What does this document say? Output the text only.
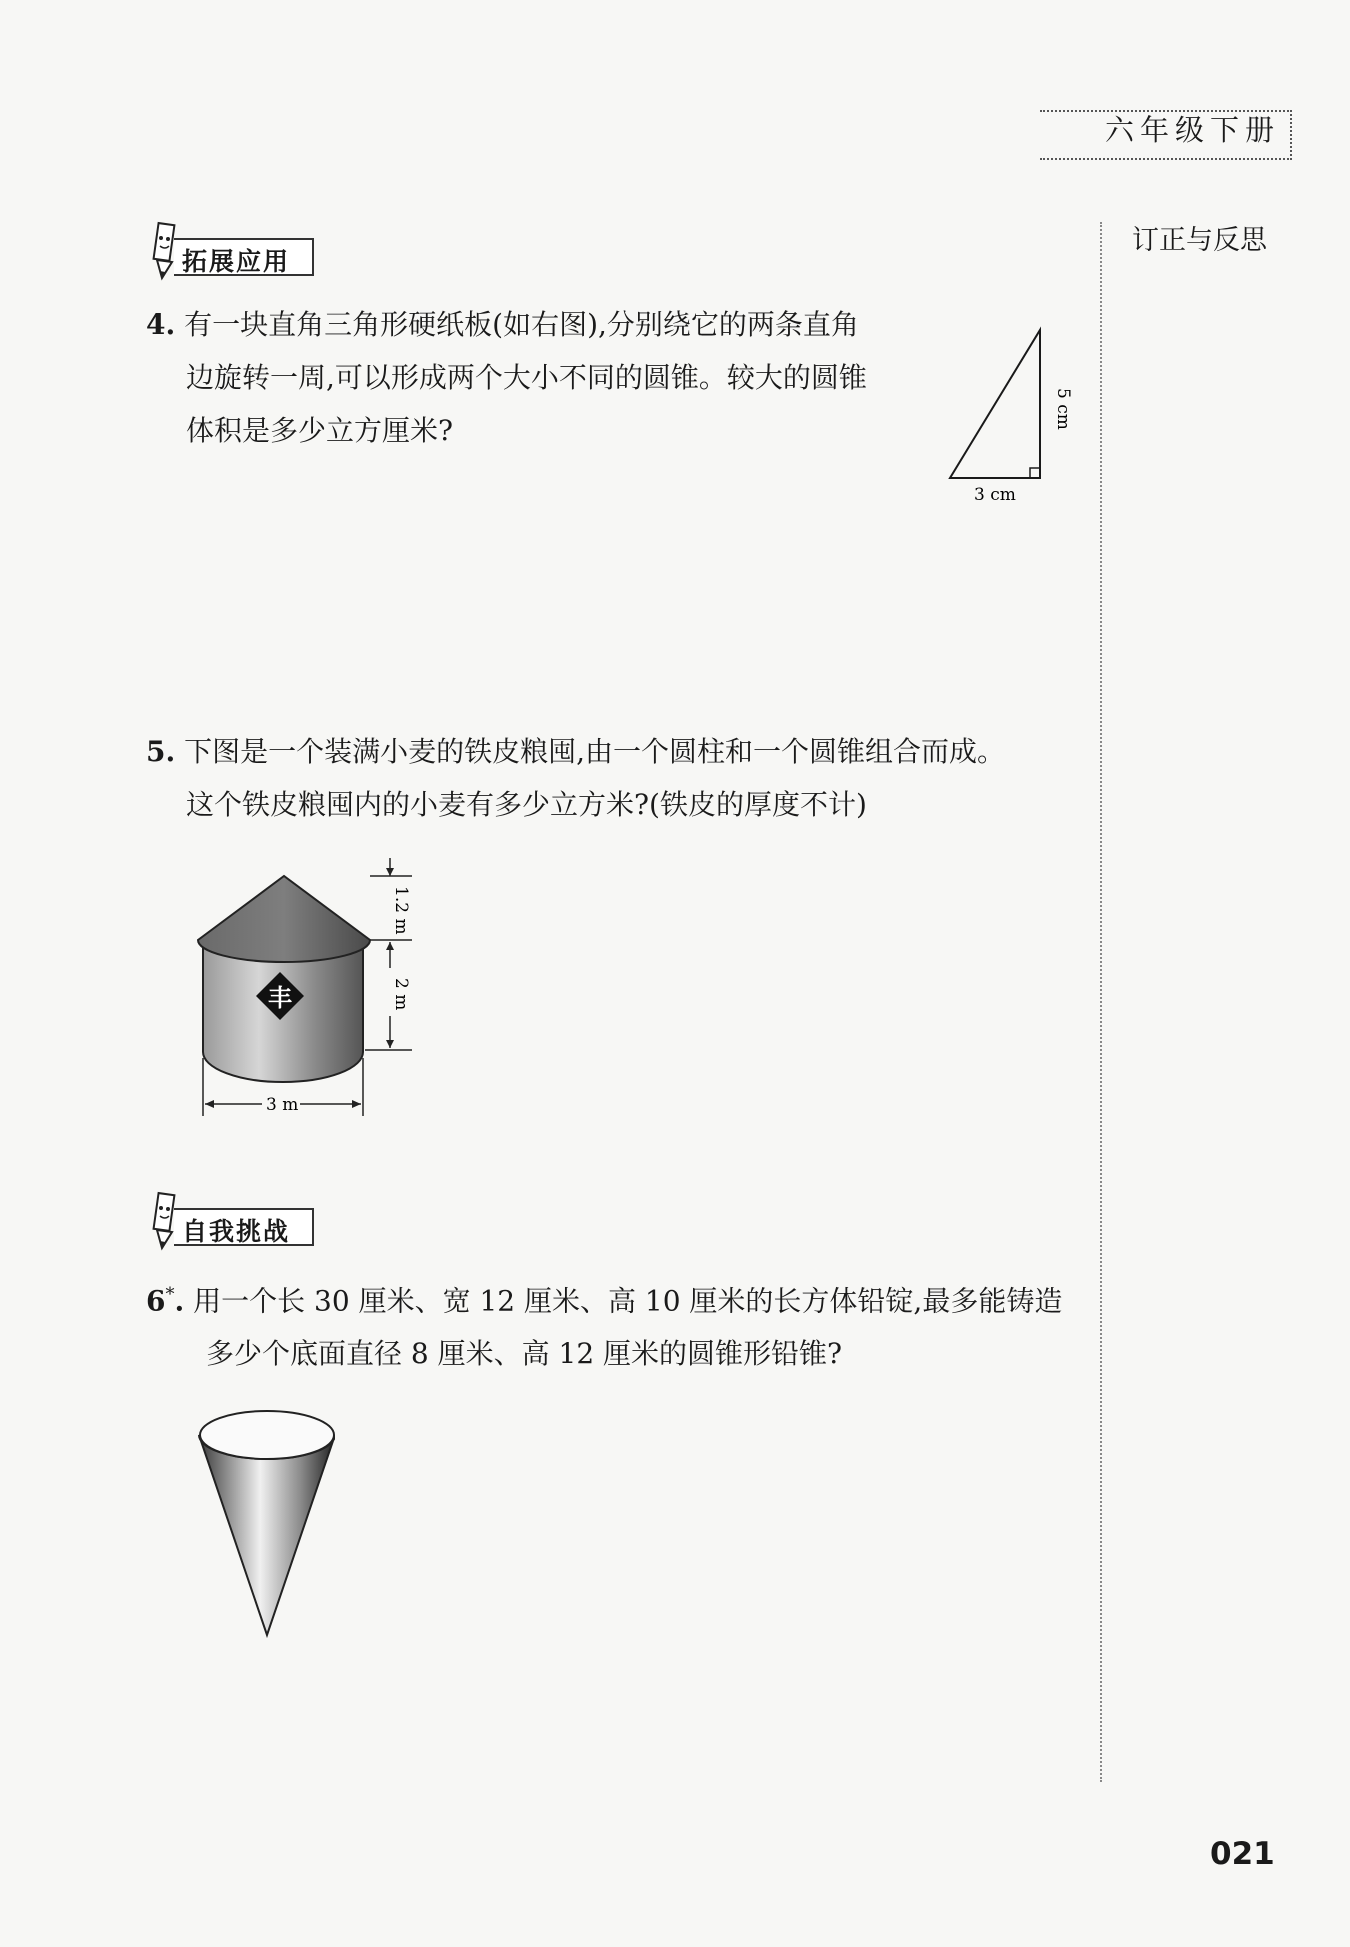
六年级下册
订正与反思
拓展应用
4. 有一块直角三角形硬纸板(如右图),分别绕它的两条直角
边旋转一周,可以形成两个大小不同的圆锥。较大的圆锥
体积是多少立方厘米?
3 cm
5 cm
5. 下图是一个装满小麦的铁皮粮囤,由一个圆柱和一个圆锥组合而成。
这个铁皮粮囤内的小麦有多少立方米?(铁皮的厚度不计)
丰
1.2 m
2 m
3 m
自我挑战
6*. 用一个长 30 厘米、宽 12 厘米、高 10 厘米的长方体铅锭,最多能铸造
多少个底面直径 8 厘米、高 12 厘米的圆锥形铅锥?
021
